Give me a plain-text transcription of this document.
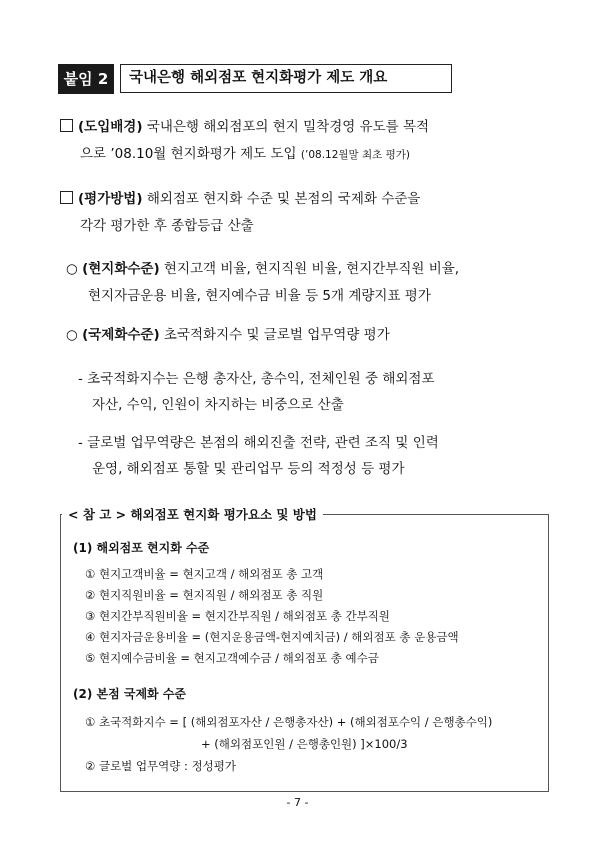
붙임 2	국내은행 해외점포 현지화평가 제도 개요
(도입배경) 국내은행 해외점포의 현지 밀착경영 유도를 목적
으로 ’08.10월 현지화평가 제도 도입 (’08.12월말 최초 평가)
(평가방법) 해외점포 현지화 수준 및 본점의 국제화 수준을
각각 평가한 후 종합등급 산출
○ (현지화수준) 현지고객 비율, 현지직원 비율, 현지간부직원 비율,
현지자금운용 비율, 현지예수금 비율 등 5개 계량지표 평가
○ (국제화수준) 초국적화지수 및 글로벌 업무역량 평가
- 초국적화지수는 은행 총자산, 총수익, 전체인원 중 해외점포
자산, 수익, 인원이 차지하는 비중으로 산출
- 글로벌 업무역량은 본점의 해외진출 전략, 관련 조직 및 인력
운영, 해외점포 통할 및 관리업무 등의 적정성 등 평가
(1) 해외점포 현지화 수준
① 현지고객비율 = 현지고객 / 해외점포 총 고객
② 현지직원비율 = 현지직원 / 해외점포 총 직원
③ 현지간부직원비율 = 현지간부직원 / 해외점포 총 간부직원
④ 현지자금운용비율 = (현지운용금액-현지예치금) / 해외점포 총 운용금액
⑤ 현지예수금비율 = 현지고객예수금 / 해외점포 총 예수금
(2) 본점 국제화 수준
① 초국적화지수 = [ (해외점포자산 / 은행총자산) + (해외점포수익 / 은행총수익)
+ (해외점포인원 / 은행총인원) ]×100/3
② 글로벌 업무역량 : 정성평가
< 참 고 > 해외점포 현지화 평가요소 및 방법
- 7 -
